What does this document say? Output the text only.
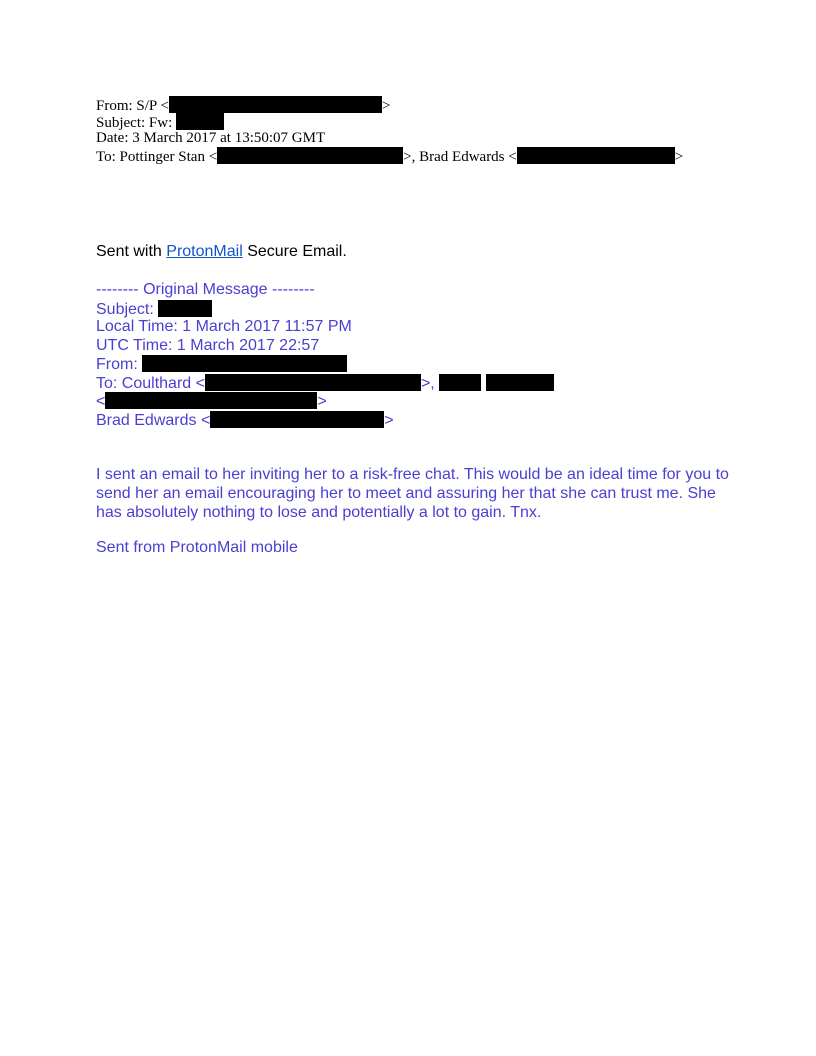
From: S/P <	>
Subject: Fw:
Date: 3 March 2017 at 13:50:07 GMT
To: Pottinger Stan <	>, Brad Edwards <	>
Sent with ProtonMail Secure Email.
-------- Original Message --------
Subject:
Local Time: 1 March 2017 11:57 PM
UTC Time: 1 March 2017 22:57
From:
To: Coulthard <	>,
<	>
Brad Edwards <	>
I sent an email to her inviting her to a risk-free chat. This would be an ideal time for you to send her an email encouraging her to meet and assuring her that she can trust me. She has absolutely nothing to lose and potentially a lot to gain. Tnx.
Sent from ProtonMail mobile
